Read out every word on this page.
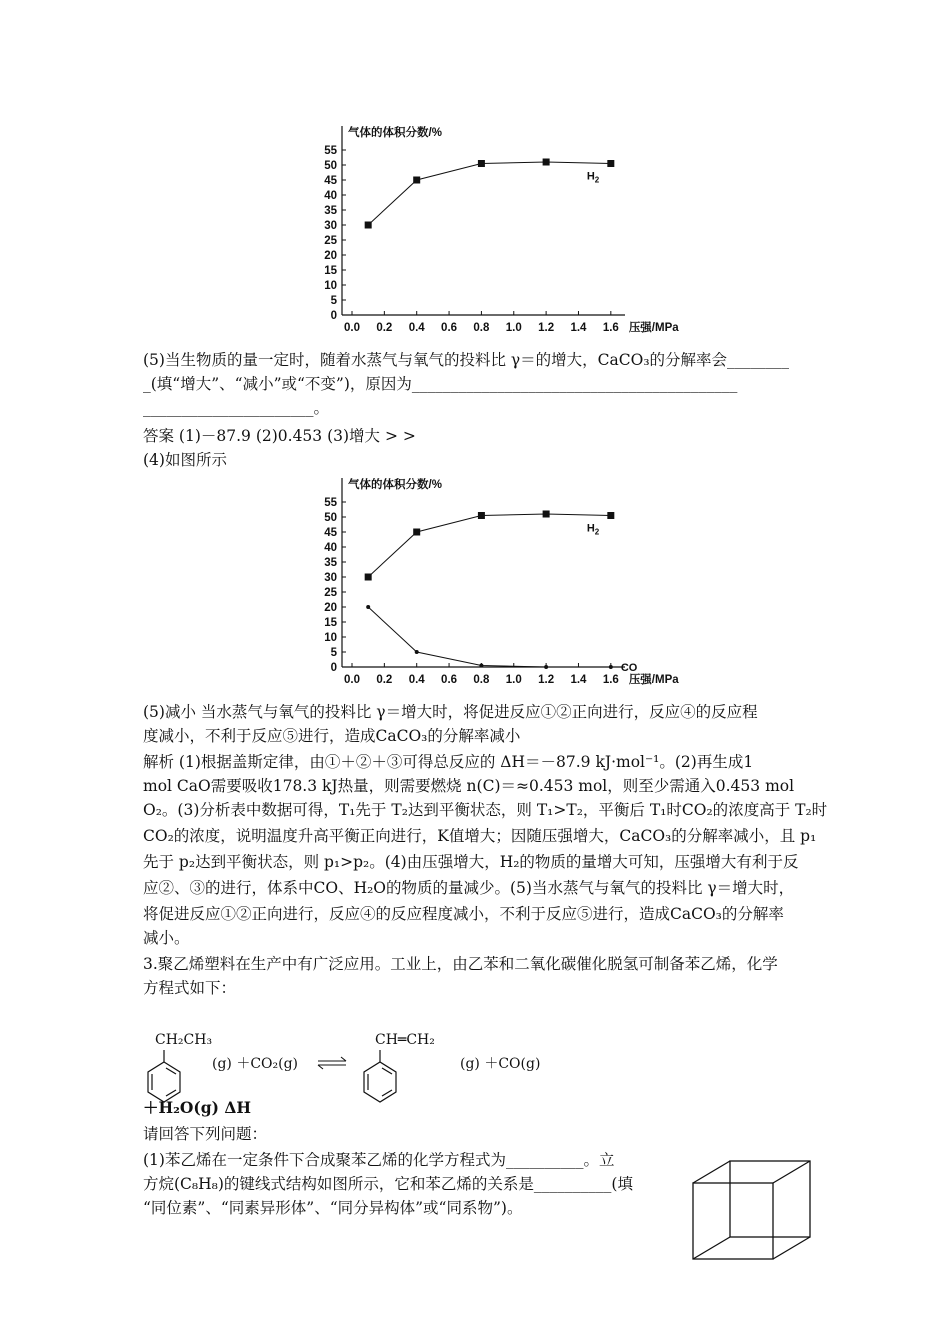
气体的体积分数/%
0
5
10
15
20
25
30
35
40
45
50
55
0.0 0.2 0.4 0.6 0.8 1.0 1.2 1.4 1.6 压强/MPa
$H_2$
(5)当生物质的量一定时，随着水蒸气与氧气的投料比 γ＝的增大，CaCO₃的分解率会________
_(填“增大”、“减小”或“不变”)，原因为__________________________________________
______________________。
答案 (1)－87.9 (2)0.453 (3)增大 > >
(4)如图所示
气体的体积分数/%
0
5
10
15
20
25
30
35
40
45
50
55
0.0 0.2 0.4 0.6 0.8 1.0 1.2 1.4 1.6 压强/MPa
$H_2$
CO
(5)减小 当水蒸气与氧气的投料比 γ＝增大时，将促进反应①②正向进行，反应④的反应程
度减小，不利于反应⑤进行，造成CaCO₃的分解率减小
解析 (1)根据盖斯定律，由①＋②＋③可得总反应的 ΔH＝－87.9 kJ·mol⁻¹。(2)再生成1
mol CaO需要吸收178.3 kJ热量，则需要燃烧 n(C)＝≈0.453 mol，则至少需通入0.453 mol
O₂。(3)分析表中数据可得，T₁先于 T₂达到平衡状态，则 T₁>T₂，平衡后 T₁时CO₂的浓度高于 T₂时
CO₂的浓度，说明温度升高平衡正向进行，K值增大；因随压强增大，CaCO₃的分解率减小，且 p₁
先于 p₂达到平衡状态，则 p₁>p₂。(4)由压强增大，H₂的物质的量增大可知，压强增大有利于反
应②、③的进行，体系中CO、H₂O的物质的量减少。(5)当水蒸气与氧气的投料比 γ＝增大时，
将促进反应①②正向进行，反应④的反应程度减小，不利于反应⑤进行，造成CaCO₃的分解率
减小。
3.聚乙烯塑料在生产中有广泛应用。工业上，由乙苯和二氧化碳催化脱氢可制备苯乙烯，化学
方程式如下：
CH₂CH₃
(g) ＋CO₂(g)
CH═CH₂
(g) ＋CO(g)
＋H₂O(g) ΔH
请回答下列问题：
(1)苯乙烯在一定条件下合成聚苯乙烯的化学方程式为__________。立
方烷(C₈H₈)的键线式结构如图所示，它和苯乙烯的关系是__________(填
“同位素”、“同素异形体”、“同分异构体”或“同系物”)。
